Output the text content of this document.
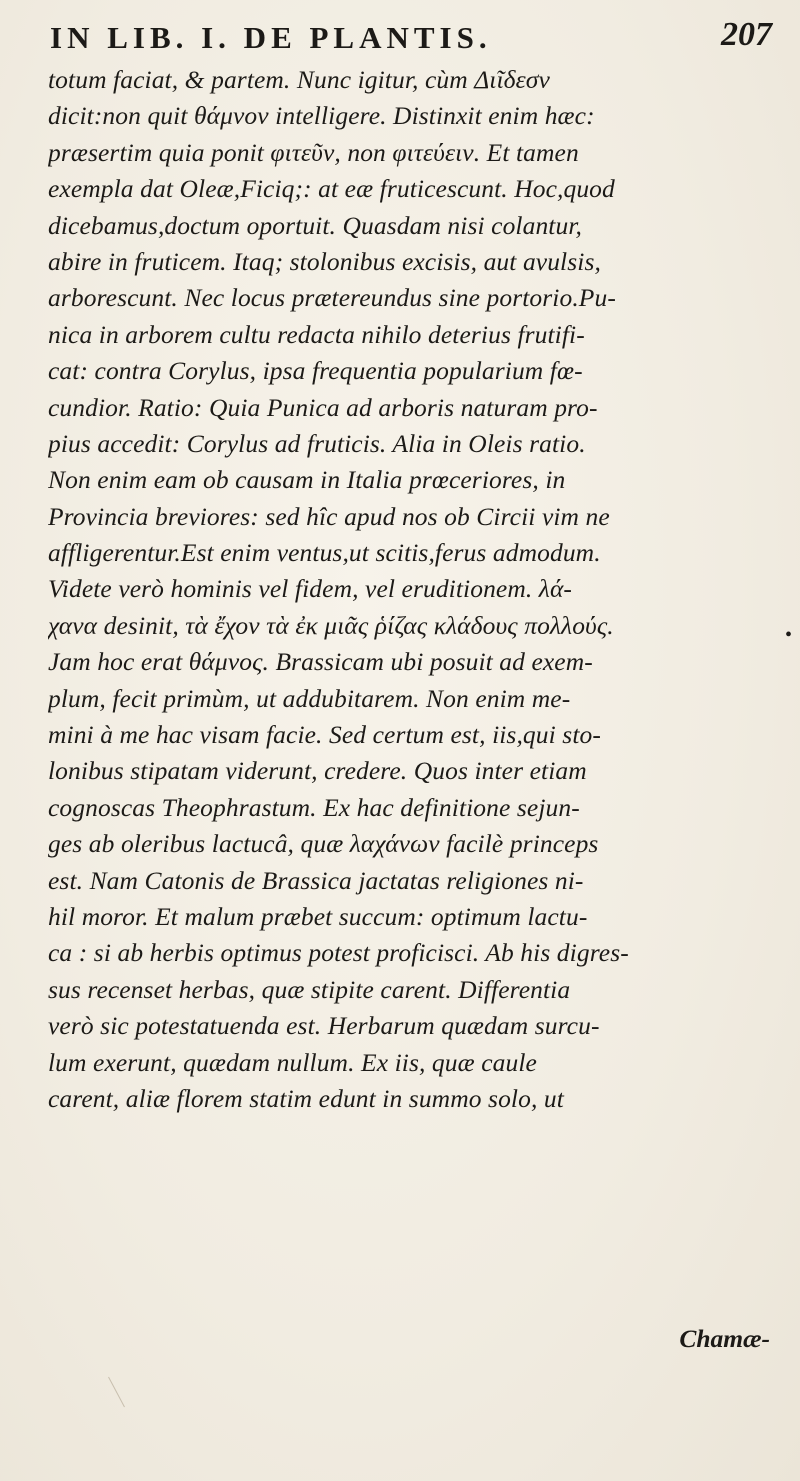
IN LIB. I. DE PLANTIS.	207
totum faciat, & partem. Nunc igitur, cùm Διῖδεσν
dicit:non quit θάμνον intelligere. Distinxit enim hæc:
præsertim quia ponit φιτεῦν, non φιτεύειν. Et tamen
exempla dat Oleæ,Ficiq;: at eæ fruticescunt. Hoc,quod
dicebamus,doctum oportuit. Quasdam nisi colantur,
abire in fruticem. Itaq; stolonibus excisis, aut avulsis,
arborescunt. Nec locus prætereundus sine portorio.Pu-
nica in arborem cultu redacta nihilo deterius frutifi-
cat: contra Corylus, ipsa frequentia popularium fœ-
cundior. Ratio: Quia Punica ad arboris naturam pro-
pius accedit: Corylus ad fruticis. Alia in Oleis ratio.
Non enim eam ob causam in Italia prœceriores, in
Provincia breviores: sed hîc apud nos ob Circii vim ne
affligerentur.Est enim ventus,ut scitis,ferus admodum.
Videte verò hominis vel fidem, vel eruditionem. λά-
χανα desinit, τὰ ἔχον τὰ ἐκ μιᾶς ῥίζας κλάδους πολλούς.
Jam hoc erat θάμνος. Brassicam ubi posuit ad exem-
plum, fecit primùm, ut addubitarem. Non enim me-
mini à me hac visam facie. Sed certum est, iis,qui sto-
lonibus stipatam viderunt, credere. Quos inter etiam
cognoscas Theophrastum. Ex hac definitione sejun-
ges ab oleribus lactucâ, quæ λαχάνων facilè princeps
est. Nam Catonis de Brassica jactatas religiones ni-
hil moror. Et malum præbet succum: optimum lactu-
ca : si ab herbis optimus potest proficisci. Ab his digres-
sus recenset herbas, quæ stipite carent. Differentia
verò sic potestatuenda est. Herbarum quædam surcu-
lum exerunt, quædam nullum. Ex iis, quæ caule
carent, aliæ florem statim edunt in summo solo, ut
Chamæ-
•
